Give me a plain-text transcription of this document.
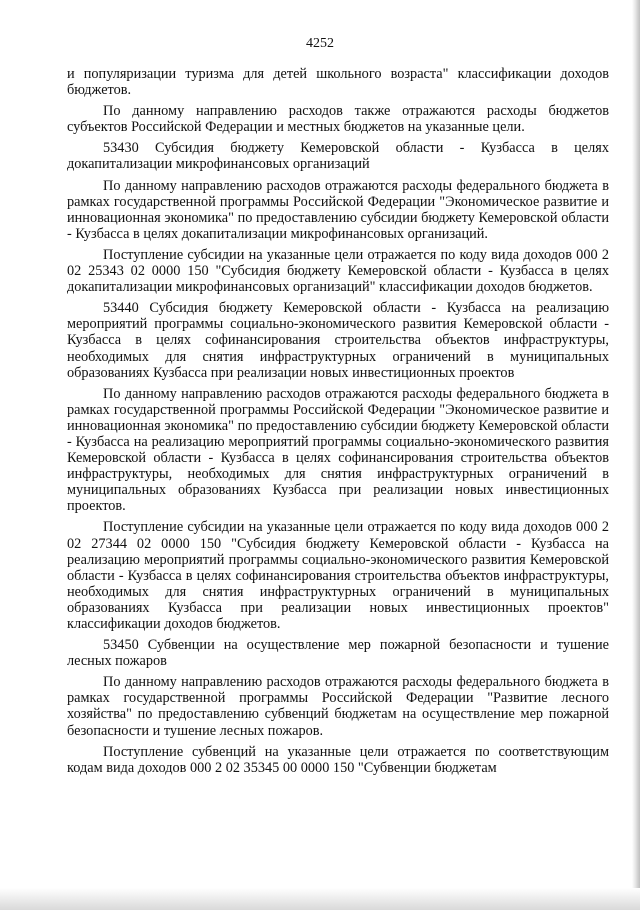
4252

и популяризации туризма для детей школьного возраста" классификации доходов бюджетов.

По данному направлению расходов также отражаются расходы бюджетов субъектов Российской Федерации и местных бюджетов на указанные цели.

53430 Субсидия бюджету Кемеровской области - Кузбасса в целях докапитализации микрофинансовых организаций

По данному направлению расходов отражаются расходы федерального бюджета в рамках государственной программы Российской Федерации "Экономическое развитие и инновационная экономика" по предоставлению субсидии бюджету Кемеровской области - Кузбасса в целях докапитализации микрофинансовых организаций.

Поступление субсидии на указанные цели отражается по коду вида доходов 000 2 02 25343 02 0000 150 "Субсидия бюджету Кемеровской области - Кузбасса в целях докапитализации микрофинансовых организаций" классификации доходов бюджетов.

53440 Субсидия бюджету Кемеровской области - Кузбасса на реализацию мероприятий программы социально-экономического развития Кемеровской области - Кузбасса в целях софинансирования строительства объектов инфраструктуры, необходимых для снятия инфраструктурных ограничений в муниципальных образованиях Кузбасса при реализации новых инвестиционных проектов

По данному направлению расходов отражаются расходы федерального бюджета в рамках государственной программы Российской Федерации "Экономическое развитие и инновационная экономика" по предоставлению субсидии бюджету Кемеровской области - Кузбасса на реализацию мероприятий программы социально-экономического развития Кемеровской области - Кузбасса в целях софинансирования строительства объектов инфраструктуры, необходимых для снятия инфраструктурных ограничений в муниципальных образованиях Кузбасса при реализации новых инвестиционных проектов.

Поступление субсидии на указанные цели отражается по коду вида доходов 000 2 02 27344 02 0000 150 "Субсидия бюджету Кемеровской области - Кузбасса на реализацию мероприятий программы социально-экономического развития Кемеровской области - Кузбасса в целях софинансирования строительства объектов инфраструктуры, необходимых для снятия инфраструктурных ограничений в муниципальных образованиях Кузбасса при реализации новых инвестиционных проектов" классификации доходов бюджетов.

53450 Субвенции на осуществление мер пожарной безопасности и тушение лесных пожаров

По данному направлению расходов отражаются расходы федерального бюджета в рамках государственной программы Российской Федерации "Развитие лесного хозяйства" по предоставлению субвенций бюджетам на осуществление мер пожарной безопасности и тушение лесных пожаров.

Поступление субвенций на указанные цели отражается по соответствующим кодам вида доходов 000 2 02 35345 00 0000 150 "Субвенции бюджетам
